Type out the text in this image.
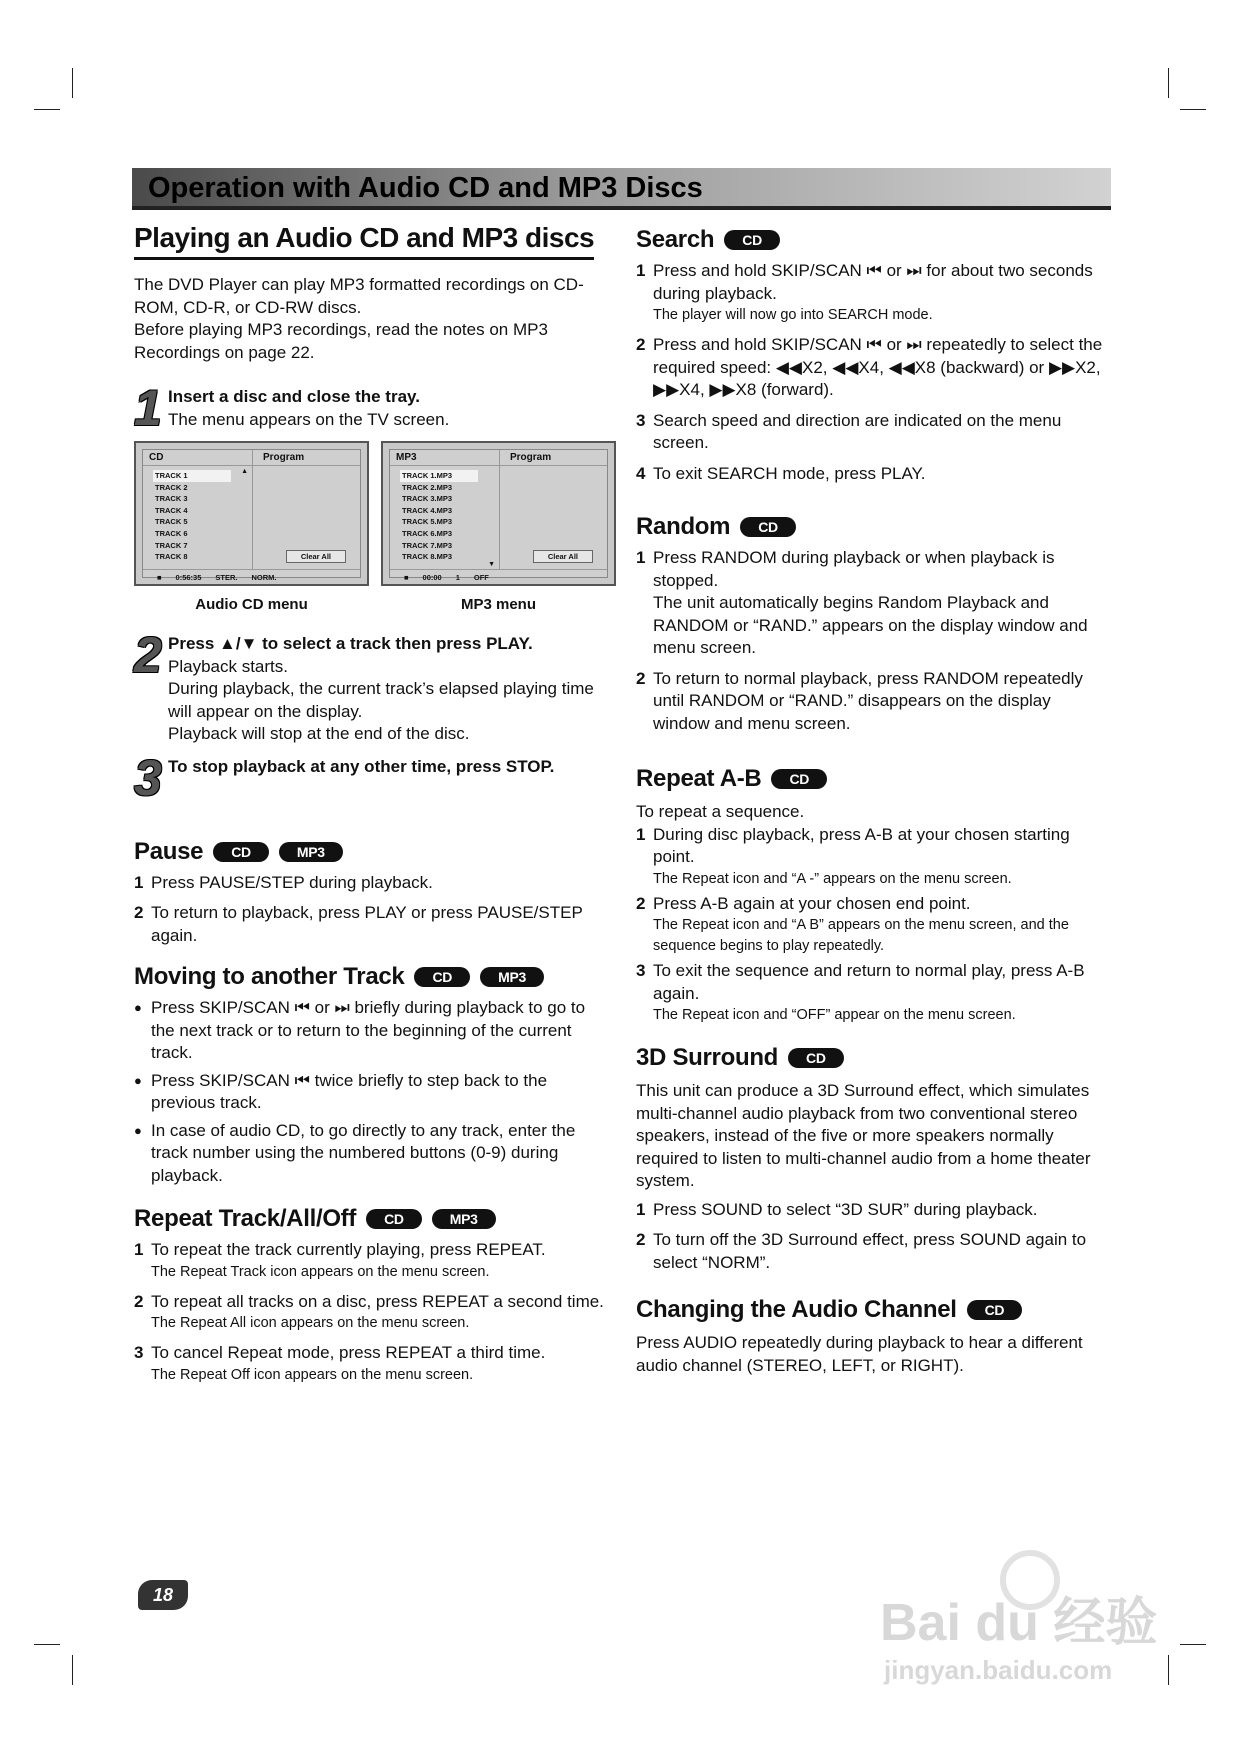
Operation with Audio CD and MP3 Discs
Playing an Audio CD and MP3 discs

The DVD Player can play MP3 formatted recordings on CD-ROM, CD-R, or CD-RW discs.

Before playing MP3 recordings, read the notes on MP3 Recordings on page 22.

1 Insert a disc and close the tray.
The menu appears on the TV screen.
CD	Program
▲
TRACK 1
TRACK 2
TRACK 3
TRACK 4
TRACK 5
TRACK 6
TRACK 7
TRACK 8	Clear All
■ 0:56:35 STER. NORM.
Audio CD menu
MP3	Program
TRACK 1.MP3
TRACK 2.MP3
TRACK 3.MP3
TRACK 4.MP3
TRACK 5.MP3
TRACK 6.MP3
TRACK 7.MP3
TRACK 8.MP3
▼
Clear All
■ 00:00 1 OFF
MP3 menu
2 Press ▲/▼ to select a track then press PLAY.
Playback starts.
During playback, the current track’s elapsed playing time will appear on the display.
Playback will stop at the end of the disc.
3 To stop playback at any other time, press STOP.
Pause	CD	MP3
1 Press PAUSE/STEP during playback.
2 To return to playback, press PLAY or press PAUSE/STEP again.
Moving to another Track	CD	MP3
● Press SKIP/SCAN ⏮ or ⏭ briefly during playback to go to the next track or to return to the beginning of the current track.
● Press SKIP/SCAN ⏮ twice briefly to step back to the previous track.
● In case of audio CD, to go directly to any track, enter the track number using the numbered buttons (0-9) during playback.
Repeat Track/All/Off	CD	MP3
1 To repeat the track currently playing, press REPEAT.
The Repeat Track icon appears on the menu screen.
2 To repeat all tracks on a disc, press REPEAT a second time.
The Repeat All icon appears on the menu screen.
3 To cancel Repeat mode, press REPEAT a third time.
The Repeat Off icon appears on the menu screen.
Search	CD
1 Press and hold SKIP/SCAN ⏮ or ⏭ for about two seconds during playback.
The player will now go into SEARCH mode.
2 Press and hold SKIP/SCAN ⏮ or ⏭ repeatedly to select the required speed: ◀◀X2, ◀◀X4, ◀◀X8 (backward) or ▶▶X2, ▶▶X4, ▶▶X8 (forward).
3 Search speed and direction are indicated on the menu screen.
4 To exit SEARCH mode, press PLAY.
Random	CD
1 Press RANDOM during playback or when playback is stopped.
The unit automatically begins Random Playback and RANDOM or “RAND.” appears on the display window and menu screen.
2 To return to normal playback, press RANDOM repeatedly until RANDOM or “RAND.” disappears on the display window and menu screen.
Repeat A-B	CD

To repeat a sequence.

1 During disc playback, press A-B at your chosen starting point.
The Repeat icon and “A -” appears on the menu screen.
2 Press A-B again at your chosen end point.
The Repeat icon and “A B” appears on the menu screen, and the sequence begins to play repeatedly.
3 To exit the sequence and return to normal play, press A-B again.
The Repeat icon and “OFF” appear on the menu screen.
3D Surround	CD

This unit can produce a 3D Surround effect, which simulates multi-channel audio playback from two conventional stereo speakers, instead of the five or more speakers normally required to listen to multi-channel audio from a home theater system.

1 Press SOUND to select “3D SUR” during playback.
2 To turn off the 3D Surround effect, press SOUND again to select “NORM”.
Changing the Audio Channel	CD

Press AUDIO repeatedly during playback to hear a different audio channel (STEREO, LEFT, or RIGHT).

18	Bai du 经验
jingyan.baidu.com
